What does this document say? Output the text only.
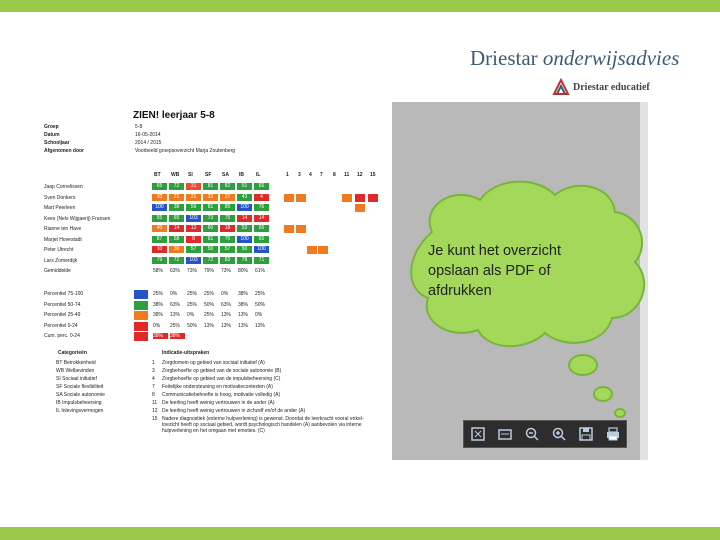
Driestar onderwijsadvies
Driestar educatief
ZIEN! leerjaar 5-8
Groep	5-8
Datum	16-05-2014
Schooljaar	2014 / 2015
Afgenomen door	Voorbeeld groepsoverzicht Marja Zoutenberg
BT WB SI SF SA IB IL	1 3 4 7 8 11 12 15
Jaap Cornelissen	65	72	21	81	82	51	65
Sven Donkers	30	21	21	32	27	43	4
Mart Peerleen	100	38	59	81	85	100	76
Kees (Nels Wijgaerij) Fransen	55	65	103	73	75	14	14
Rianne ten Have	40	14	13	60	18	53	65
Marjet Hovestadt	87	58	8	81	70	100	65
Peter Utrecht	10	30	57	50	57	50	100
Lars Zomerdijk	79	72	103	72	83	78	71
Gemiddelde	58% 63% 73% 79% 73% 80% 61%
Percentiel 75-100	25% 0% 25% 25% 0% 38% 25%
Percentiel 50-74	38% 63% 25% 50% 63% 38% 50%
Percentiel 25-49	38% 13% 0% 25% 13% 13% 0%
Percentiel 0-24	0% 25% 50% 13% 13% 13% 13%
Cum. perc. 0-24	38%	38%
Categorieën	Indicatie-uitspraken
BT Betrokkenheid
WB Welbevinden
SI Sociaal initiatief
SF Sociale flexibiliteit
SA Sociale autonomie
IB Impulsbeheersing
IL Inlevingsvermogen
1 Zorgdomein op gebied van sociaal initiatief (A)
3 Zorgbehoefte op gebied van de sociale autonomie (B)
4 Zorgbehoefte op gebied van de impulsbeheersing (C)
7 Feitelijke ondersteuning en motivatiecontexten (A)
8 Communicatiebehoefte is hoog, motivatie volledig (A)
11 De leerling heeft weinig vertrouwen in de ander (A)
12 De leerling heeft weinig vertrouwen in zichzelf en/of de ander (A)
15 Nadere diagnostiek (externe hulpverlening) is gewenst. Doordat de leerkracht vooral enkel-toezicht heeft op sociaal gebied, wordt psychologisch handelen (A) aanbevolen via interne hulpverlening en het omgaan met emoties. (C)
Je kunt het overzicht opslaan als PDF of afdrukken
